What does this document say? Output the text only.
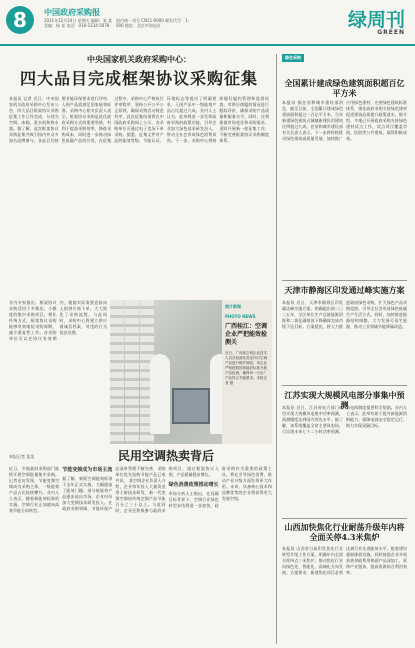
8	中国政府采购报
2021年12月24日 星期五 编辑：张 某 美编：杨 某 电话：010-1234-5678
国内统一刊号 CN11-0000 邮发代号：1-000 地址：北京市海淀区	绿周刊
GREEN
中央国家机关政府采购中心：
四大品目完成框架协议采购征集
本报讯 记者 近日，中央国家机关政府采购中心发布公告，四大品目框架协议采购征集工作已经完成，分别为空调、冰箱、洗衣机和热水器。据了解，此次框架协议采购征集共吸引国内外众多知名品牌参与。各品目均按照节能环保要求进行评审，入围产品需满足国家能效标准。采购中心相关负责人表示，框架协议采购是优化政府采购方式的重要举措，有利于提高采购效率，降低采购成本，同时进一步推动绿色低碳产品的应用。在征集过程中，采购中心严格执行评审程序，坚持公开公平公正原则，确保采购活动规范有序。此次征集结果将在中国政府采购网上公示，各采购单位可通过电子卖场下单采购。据悉，征集文件对产品的能效等级、节能认证、环境标志等提出了明确要求，入围产品中一级能效产品占比超过九成。业内人士认为，此举将进一步发挥政府采购的政策功能，引导企业加大绿色技术研发投入，带动全社会形成绿色消费风尚。下一步，采购中心将持续做好履约管理和监督检查，对供应商履约情况进行跟踪评价，确保采购产品质量和服务水平。同时，还将根据市场变化和采购需求，适时开展新一轮征集工作，不断完善框架协议采购制度体系。
业内专家指出，框架协议采购适用于多频次、小额度的集中采购项目。相比传统方式，框架协议采购能够有效缩短采购周期，减少重复性工作。各采购单位可以在协议有效期内，根据实际需要直接向入围供应商下单，大大简化了采购流程。与此同时，采购中心将建立供应商诚信档案，对违约行为依法处理。
图片新闻
PHOTO NEWS
广西桂江：空调企业严把能效检测关
近日，广西某空调企业技术人员在检测实验室内对空调产品进行噪声测试。该企业严格按照国家能效标准开展产品检测，确保每一台出厂产品符合节能要求。本报记者 摄
本报记者 某某	民用空调热卖背后
近日，多地政府采购部门陆续开展空调批量集中采购。记者走访发现，节能变频空调成为采购主体，一级能效产品占比持续攀升。业内人士表示，随着新能效标准的实施，空调行业正加速向高效节能方向转型。
节能变频成为市场主流
据了解，新版空调能效标准于去年正式实施，大幅提高了能效门槛。部分低能效产品逐步退出市场，企业纷纷加大变频技术研发投入。在政府采购领域，节能环保产品清单管理不断完善，采购单位优先选购节能产品已成共识。 某空调企业负责人介绍，企业每年投入大量资金用于新技术研发，新一代变频空调较传统定频产品节能百分之三十以上。与此同时，企业还积极参与政府采购项目，通过框架协议入围，产品销量稳步增长。
绿色消费政策推动增长
市场分析人士指出，在双碳目标背景下，空调行业绿色转型步伐将进一步加快。政府采购作为重要的政策工具，将在引导绿色消费、推动产业升级方面发挥更大作用。未来，具备核心技术和品牌优势的企业将获得更大发展空间。
绿色采购
全国累计建成绿色建筑面积超百亿平方米
本报讯 据住房和城乡建设部消息，截至目前，全国累计建成绿色建筑面积超过一百亿平方米，当年新建绿色建筑占城镇新建民用建筑比例超过九成。住房和城乡建设部有关负责人表示，下一步将持续推动绿色建筑高质量发展，加快推广应用绿色建材，完善绿色建筑标准体系，强化政府采购支持绿色建材促进建筑品质提升政策落实。据介绍，多地已开展政府采购支持绿色建材试点工作，试点项目覆盖学校、医院等公共建筑，取得积极成效。
天津市静海区印发通过峰实施方案
本报讯 近日，天津市静海区印发碳达峰实施方案，明确提出到二〇二五年，全区单位生产总值能源消耗和二氧化碳排放下降确保完成市级下达目标。方案提出，将大力推进政府绿色采购，扩大绿色产品采购范围，引导全社会形成绿色低碳生产生活方式。同时，加快推进能源结构调整，大力发展可再生能源，推动工业领域节能降碳改造。
江苏实现大规模风电部分事集中预测
本报讯 近日，江苏省电力部门成功实现大规模风电集中功率预测，预测精度达到国内领先水平。据了解，该系统覆盖全省主要风电场，可实现未来七十二小时功率预测，为电网调度提供科学依据。业内人士表示，此举有助于提升新能源消纳能力，保障电网安全稳定运行，助力实现双碳目标。
山西加快焦化行业耐荡升级年内将全面关停4.3米焦炉
本报讯 山西省日前印发焦化行业转型升级工作方案，明确年内全面关停四点三米焦炉，推动焦化行业向绿色化、智能化、高端化方向发展。方案要求，新建焦化项目必须达到行业先进能效水平，配套建设超低排放设施。同时鼓励企业开展余热余能利用和副产品深加工，延伸产业链条，提高资源综合利用效率。
